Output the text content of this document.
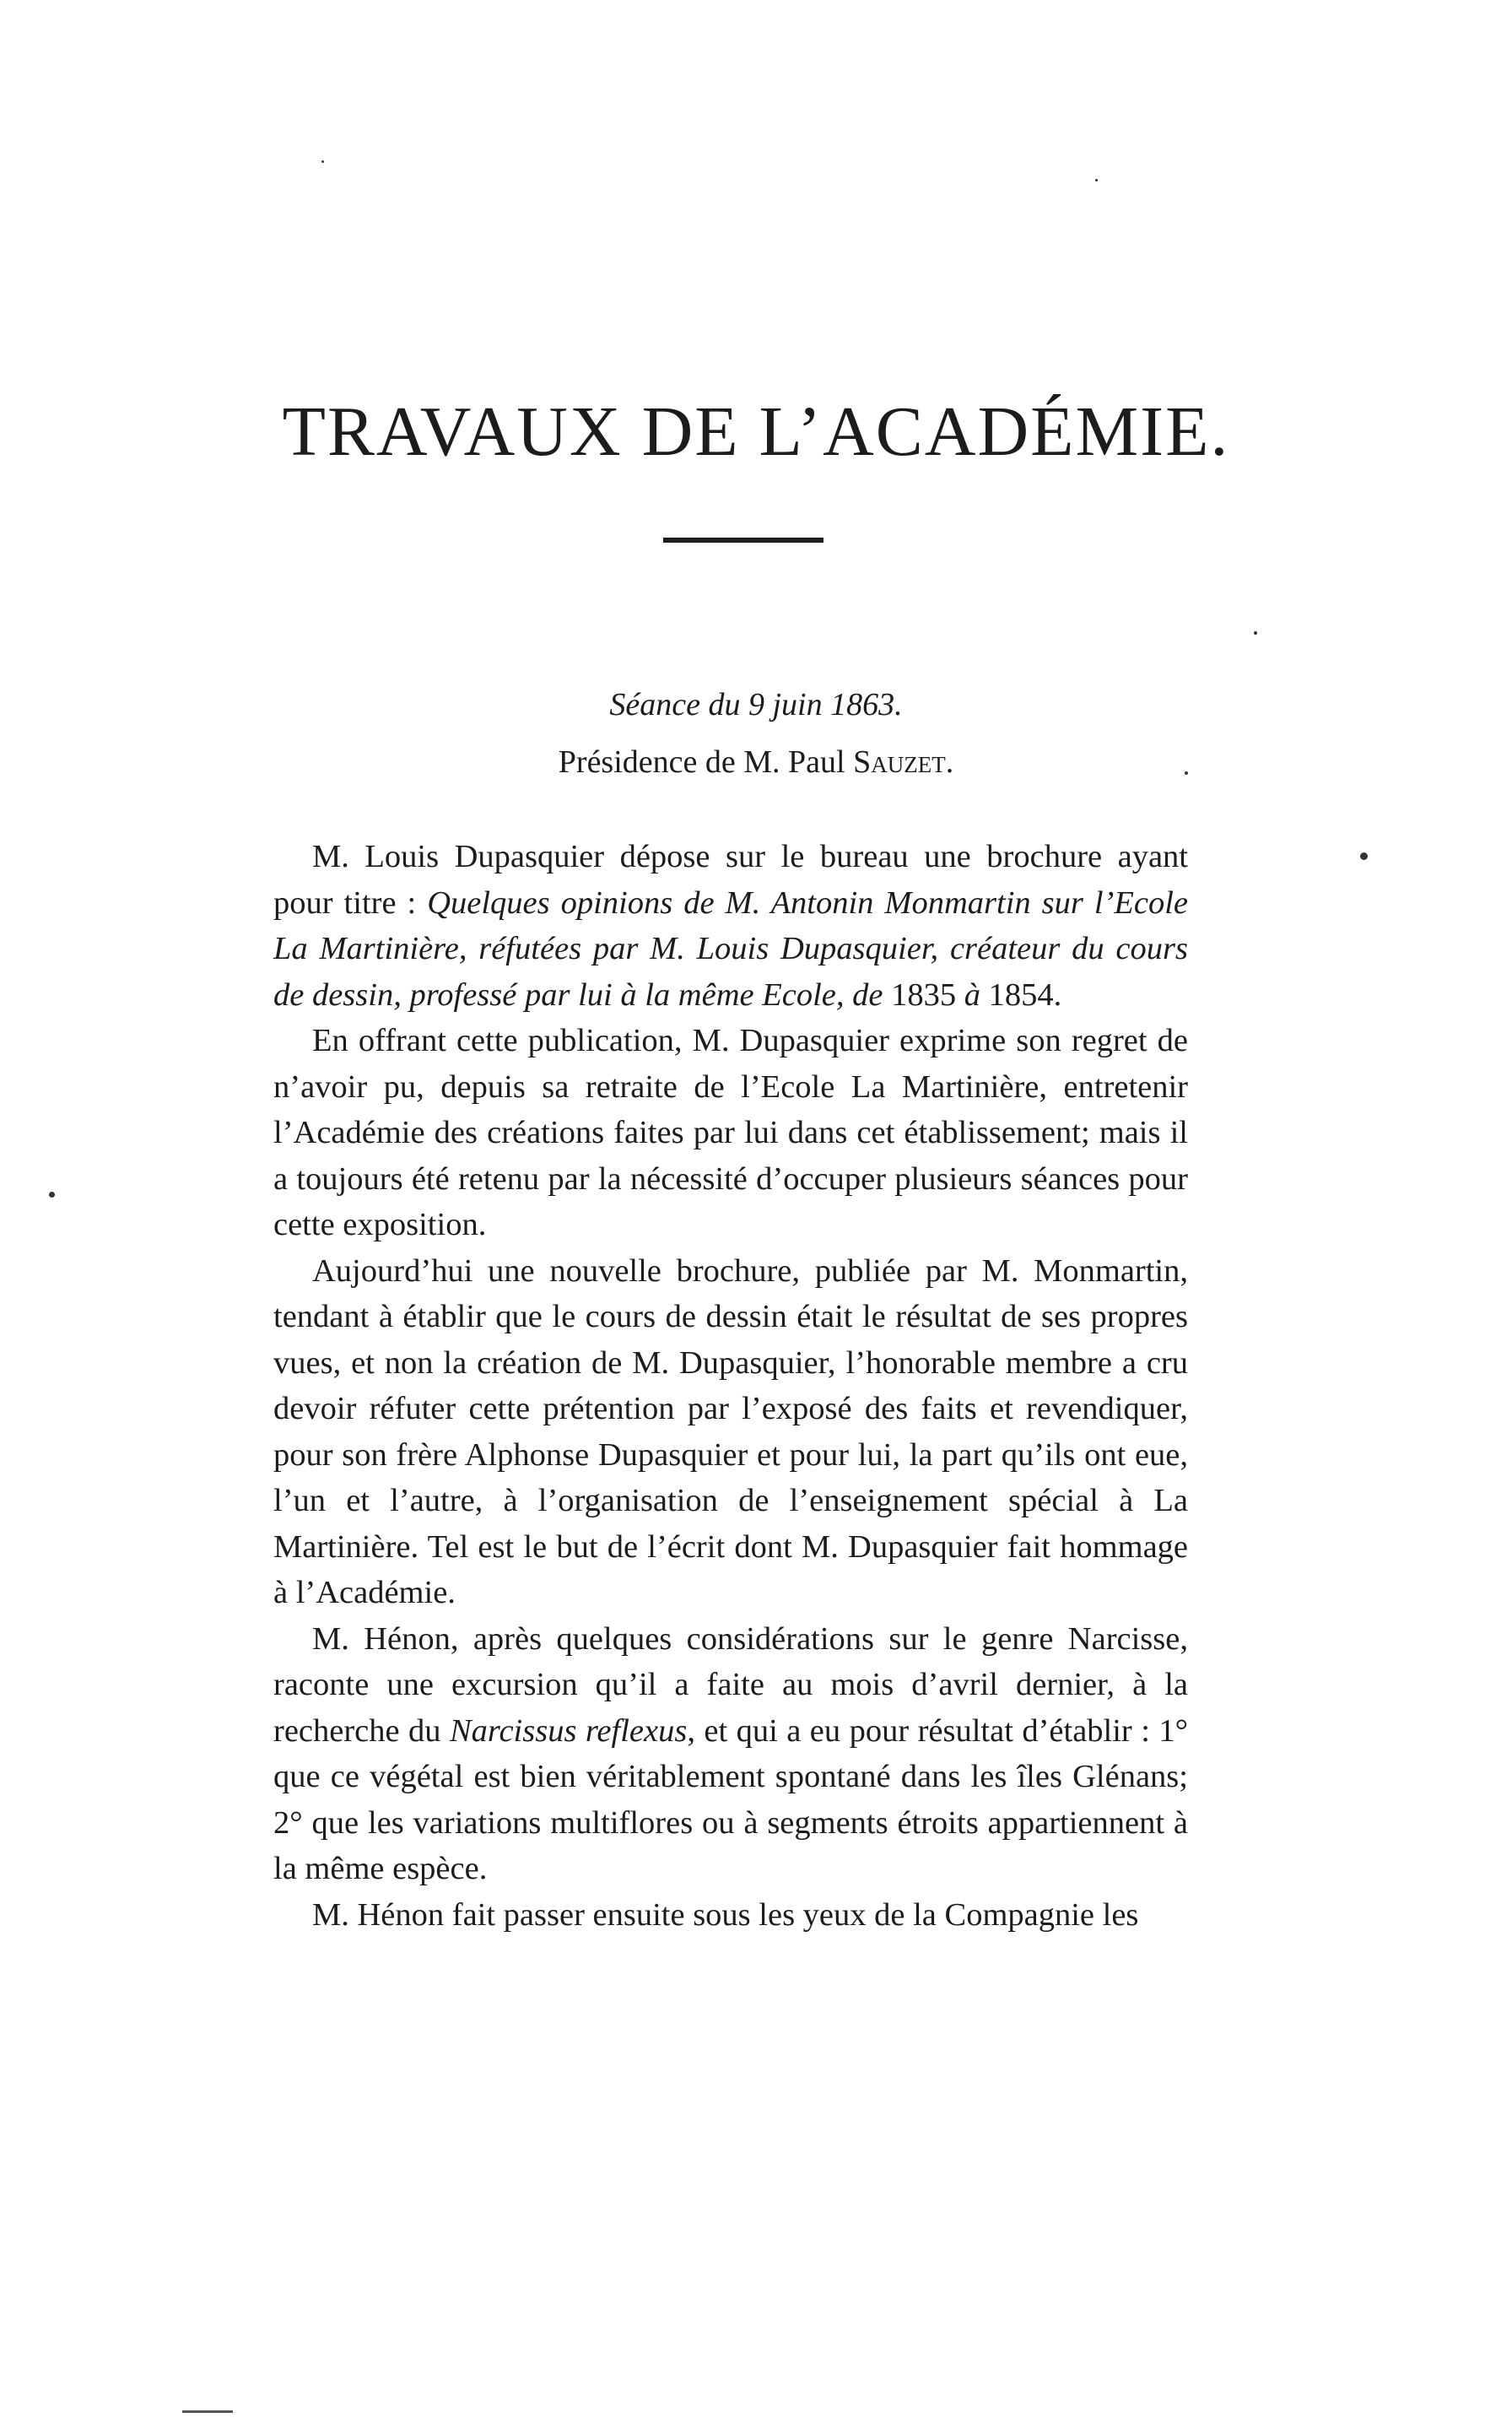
TRAVAUX DE L’ACADÉMIE.
Séance du 9 juin 1863.
Présidence de M. Paul Sauzet.

M. Louis Dupasquier dépose sur le bureau une brochure ayant pour titre : Quelques opinions de M. Antonin Monmartin sur l’Ecole La Martinière, réfutées par M. Louis Dupasquier, créateur du cours de dessin, professé par lui à la même Ecole, de 1835 à 1854.

En offrant cette publication, M. Dupasquier exprime son regret de n’avoir pu, depuis sa retraite de l’Ecole La Martinière, entretenir l’Académie des créations faites par lui dans cet établissement; mais il a toujours été retenu par la nécessité d’occuper plusieurs séances pour cette exposition.

Aujourd’hui une nouvelle brochure, publiée par M. Monmartin, tendant à établir que le cours de dessin était le résultat de ses propres vues, et non la création de M. Dupasquier, l’honorable membre a cru devoir réfuter cette prétention par l’exposé des faits et revendiquer, pour son frère Alphonse Dupasquier et pour lui, la part qu’ils ont eue, l’un et l’autre, à l’organisation de l’enseignement spécial à La Martinière. Tel est le but de l’écrit dont M. Dupasquier fait hommage à l’Académie.

M. Hénon, après quelques considérations sur le genre Narcisse, raconte une excursion qu’il a faite au mois d’avril dernier, à la recherche du Narcissus reflexus, et qui a eu pour résultat d’établir : 1° que ce végétal est bien véritablement spontané dans les îles Glénans; 2° que les variations multiflores ou à segments étroits appartiennent à la même espèce.

M. Hénon fait passer ensuite sous les yeux de la Compagnie les
